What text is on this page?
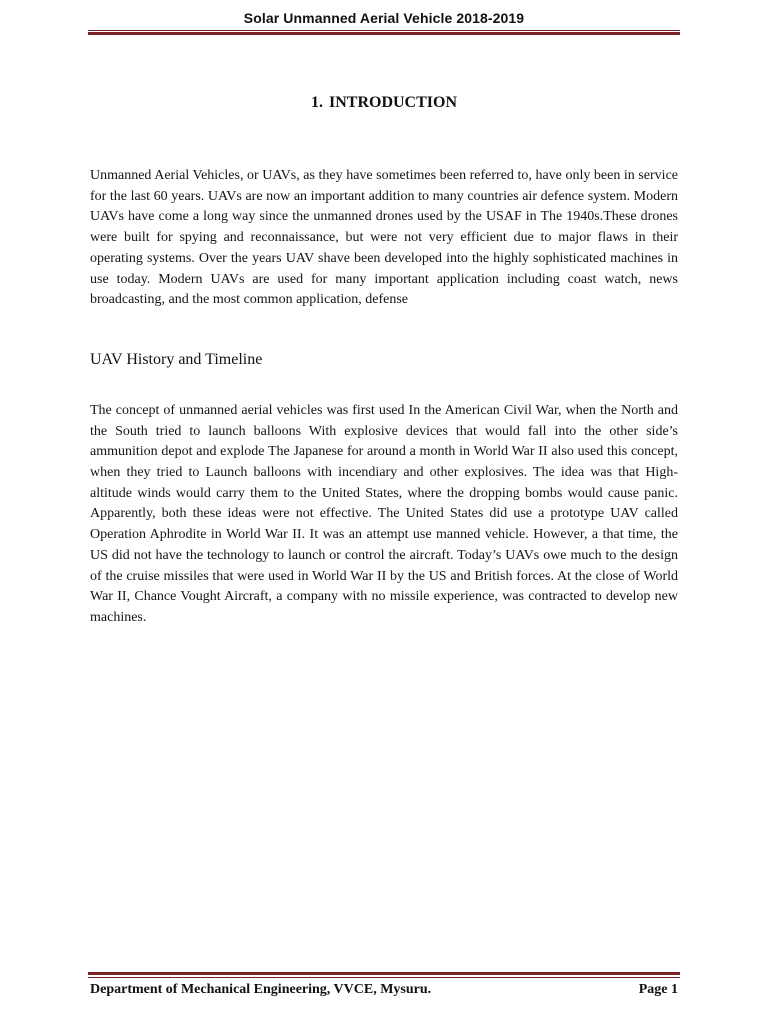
Solar Unmanned Aerial Vehicle 2018-2019
1. INTRODUCTION

Unmanned Aerial Vehicles, or UAVs, as they have sometimes been referred to, have only been in service for the last 60 years. UAVs are now an important addition to many countries air defence system. Modern UAVs have come a long way since the unmanned drones used by the USAF in The 1940s.These drones were built for spying and reconnaissance, but were not very efficient due to major flaws in their operating systems. Over the years UAV shave been developed into the highly sophisticated machines in use today. Modern UAVs are used for many important application including coast watch, news broadcasting, and the most common application, defense

UAV History and Timeline

The concept of unmanned aerial vehicles was first used In the American Civil War, when the North and the South tried to launch balloons With explosive devices that would fall into the other side’s ammunition depot and explode The Japanese for around a month in World War II also used this concept, when they tried to Launch balloons with incendiary and other explosives. The idea was that High-altitude winds would carry them to the United States, where the dropping bombs would cause panic. Apparently, both these ideas were not effective. The United States did use a prototype UAV called Operation Aphrodite in World War II. It was an attempt use manned vehicle. However, a that time, the US did not have the technology to launch or control the aircraft. Today’s UAVs owe much to the design of the cruise missiles that were used in World War II by the US and British forces. At the close of World War II, Chance Vought Aircraft, a company with no missile experience, was contracted to develop new machines.

Department of Mechanical Engineering, VVCE, Mysuru.	Page 1
